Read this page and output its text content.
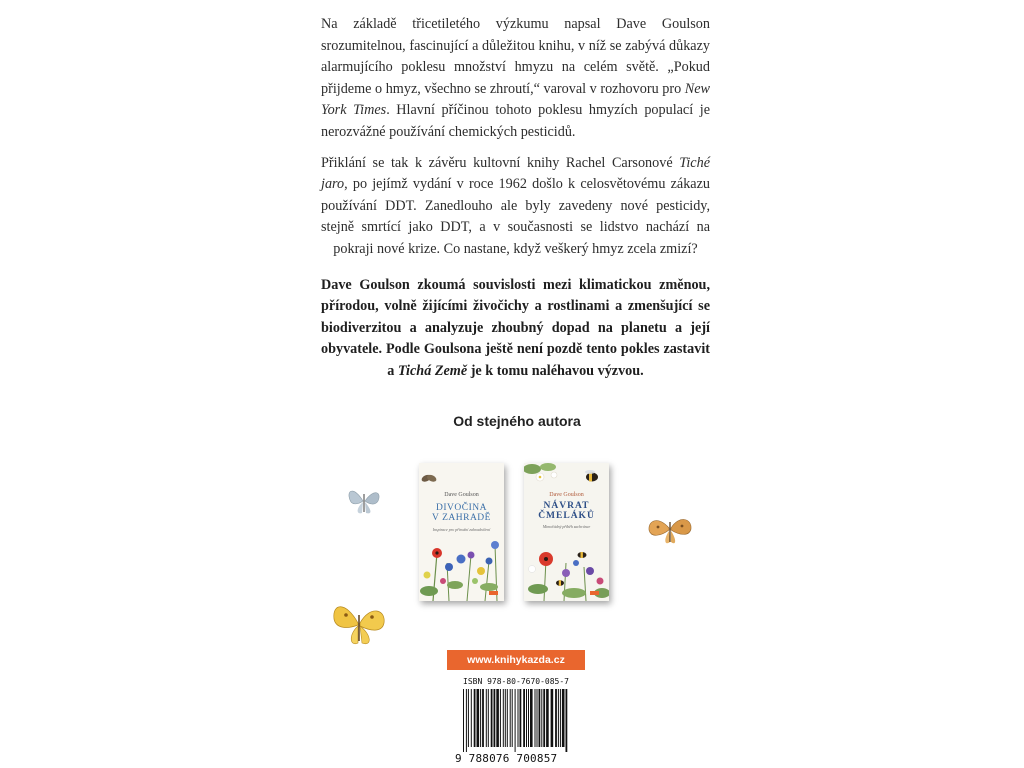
Na základě třicetiletého výzkumu napsal Dave Goulson srozumitelnou, fascinující a důležitou knihu, v níž se zabývá důkazy alarmujícího poklesu množství hmyzu na celém světě. „Pokud přijdeme o hmyz, všechno se zhroutí,“ varoval v rozhovoru pro New York Times. Hlavní příčinou tohoto poklesu hmyzích populací je nerozvážné používání chemických pesticidů.

Přiklání se tak k závěru kultovní knihy Rachel Carsonové Tiché jaro, po jejímž vydání v roce 1962 došlo k celosvětovému zákazu používání DDT. Zanedlouho ale byly zavedeny nové pesticidy, stejně smrtící jako DDT, a v současnosti se lidstvo nachází na pokraji nové krize. Co nastane, když veškerý hmyz zcela zmizí?

Dave Goulson zkoumá souvislosti mezi klimatickou změnou, přírodou, volně žijícími živočichy a rostlinami a zmenšující se biodiverzitou a analyzuje zhoubný dopad na planetu a její obyvatele. Podle Goulsona ještě není pozdě tento pokles zastavit a Tichá Země je k tomu naléhavou výzvou.

Od stejného autora
Dave Goulson
DIVOČINA
V ZAHRADĚ
Inspirace pro přírodní zahradničení
Dave Goulson
NÁVRAT
ČMELÁKŮ
Mimořádný příběh zachránce
www.knihykazda.cz
ISBN 978-80-7670-085-7
9 788076 700857
